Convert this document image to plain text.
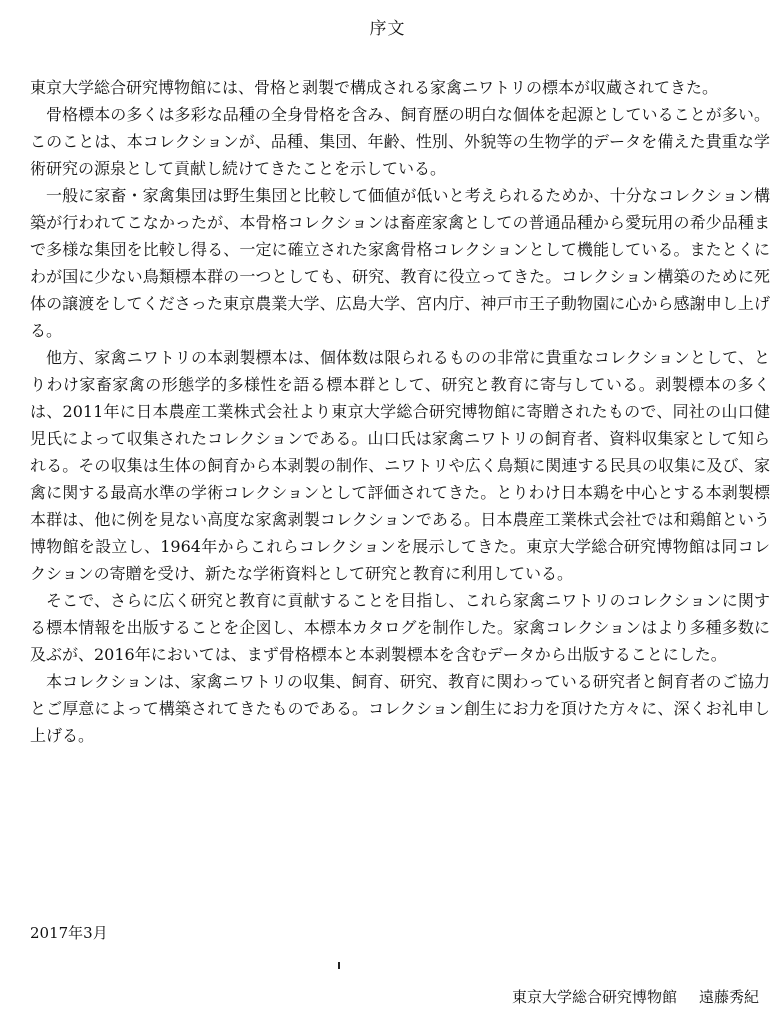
序文

東京大学総合研究博物館には、骨格と剥製で構成される家禽ニワトリの標本が収蔵されてきた。

骨格標本の多くは多彩な品種の全身骨格を含み、飼育歴の明白な個体を起源としていることが多い。このことは、本コレクションが、品種、集団、年齢、性別、外貌等の生物学的データを備えた貴重な学術研究の源泉として貢献し続けてきたことを示している。

一般に家畜・家禽集団は野生集団と比較して価値が低いと考えられるためか、十分なコレクション構築が行われてこなかったが、本骨格コレクションは畜産家禽としての普通品種から愛玩用の希少品種まで多様な集団を比較し得る、一定に確立された家禽骨格コレクションとして機能している。またとくにわが国に少ない鳥類標本群の一つとしても、研究、教育に役立ってきた。コレクション構築のために死体の譲渡をしてくださった東京農業大学、広島大学、宮内庁、神戸市王子動物園に心から感謝申し上げる。

他方、家禽ニワトリの本剥製標本は、個体数は限られるものの非常に貴重なコレクションとして、とりわけ家畜家禽の形態学的多様性を語る標本群として、研究と教育に寄与している。剥製標本の多くは、2011年に日本農産工業株式会社より東京大学総合研究博物館に寄贈されたもので、同社の山口健児氏によって収集されたコレクションである。山口氏は家禽ニワトリの飼育者、資料収集家として知られる。その収集は生体の飼育から本剥製の制作、ニワトリや広く鳥類に関連する民具の収集に及び、家禽に関する最高水準の学術コレクションとして評価されてきた。とりわけ日本鶏を中心とする本剥製標本群は、他に例を見ない高度な家禽剥製コレクションである。日本農産工業株式会社では和鶏館という博物館を設立し、1964年からこれらコレクションを展示してきた。東京大学総合研究博物館は同コレクションの寄贈を受け、新たな学術資料として研究と教育に利用している。

そこで、さらに広く研究と教育に貢献することを目指し、これら家禽ニワトリのコレクションに関する標本情報を出版することを企図し、本標本カタログを制作した。家禽コレクションはより多種多数に及ぶが、2016年においては、まず骨格標本と本剥製標本を含むデータから出版することにした。

本コレクションは、家禽ニワトリの収集、飼育、研究、教育に関わっている研究者と飼育者のご協力とご厚意によって構築されてきたものである。コレクション創生にお力を頂けた方々に、深くお礼申し上げる。

2017年3月
東京大学総合研究博物館 遠藤秀紀
